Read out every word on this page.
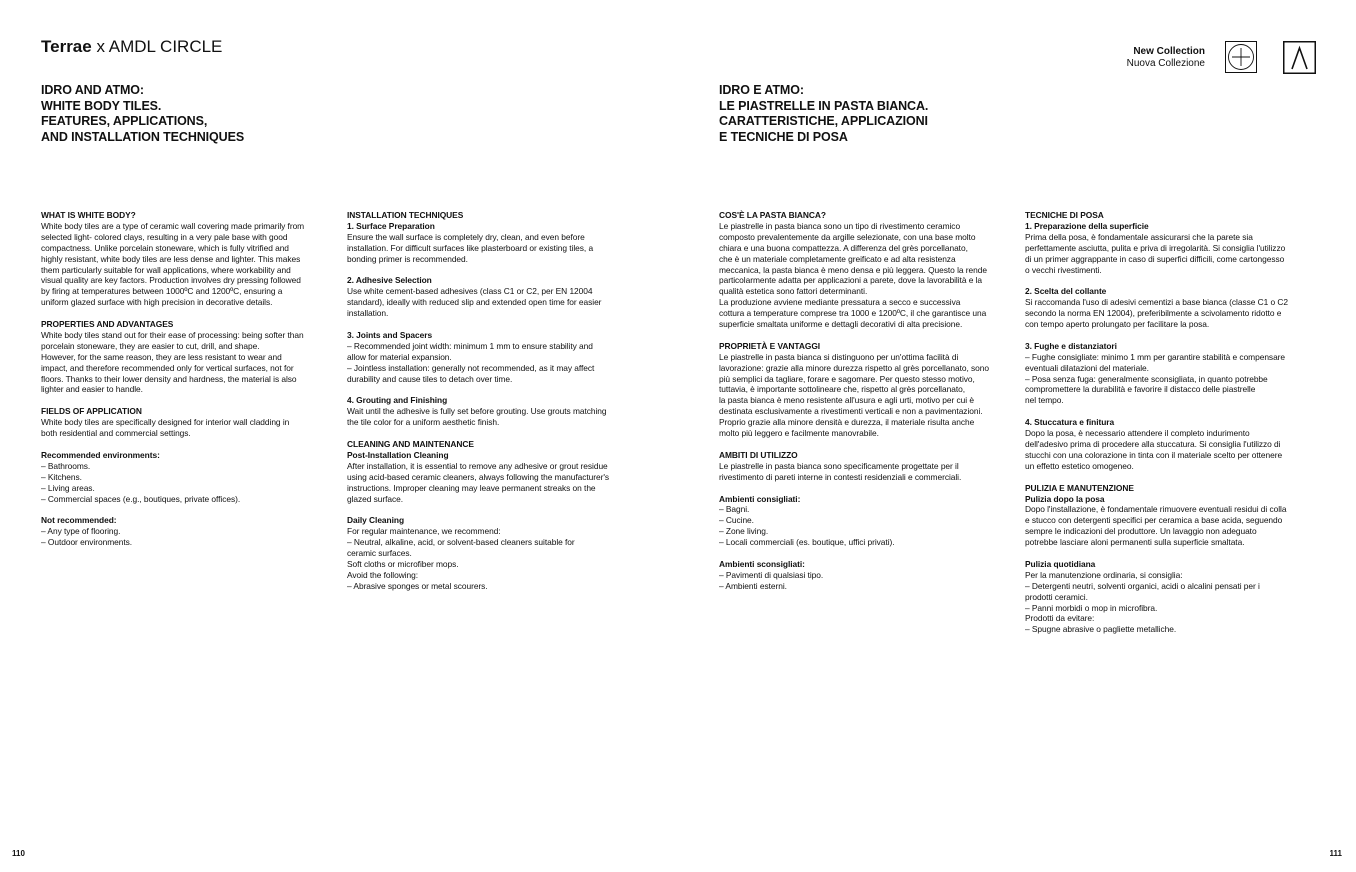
Terrae x AMDL CIRCLE
IDRO AND ATMO:
WHITE BODY TILES.
FEATURES, APPLICATIONS,
AND INSTALLATION TECHNIQUES
IDRO E ATMO:
LE PIASTRELLE IN PASTA BIANCA.
CARATTERISTICHE, APPLICAZIONI
E TECNICHE DI POSA
New Collection
Nuova Collezione
WHAT IS WHITE BODY?

White body tiles are a type of ceramic wall covering made primarily from

selected light- colored clays, resulting in a very pale base with good

compactness. Unlike porcelain stoneware, which is fully vitrified and

highly resistant, white body tiles are less dense and lighter. This makes

them particularly suitable for wall applications, where workability and

visual quality are key factors. Production involves dry pressing followed

by firing at temperatures between 1000ºC and 1200ºC, ensuring a

uniform glazed surface with high precision in decorative details.

PROPERTIES AND ADVANTAGES

White body tiles stand out for their ease of processing: being softer than

porcelain stoneware, they are easier to cut, drill, and shape.

However, for the same reason, they are less resistant to wear and

impact, and therefore recommended only for vertical surfaces, not for

floors. Thanks to their lower density and hardness, the material is also

lighter and easier to handle.

FIELDS OF APPLICATION

White body tiles are specifically designed for interior wall cladding in

both residential and commercial settings.

Recommended environments:

– Bathrooms.

– Kitchens.

– Living areas.

– Commercial spaces (e.g., boutiques, private offices).

Not recommended:

– Any type of flooring.

– Outdoor environments.

INSTALLATION TECHNIQUES
1. Surface Preparation

Ensure the wall surface is completely dry, clean, and even before

installation. For difficult surfaces like plasterboard or existing tiles, a

bonding primer is recommended.

2. Adhesive Selection

Use white cement-based adhesives (class C1 or C2, per EN 12004

standard), ideally with reduced slip and extended open time for easier

installation.

3. Joints and Spacers

– Recommended joint width: minimum 1 mm to ensure stability and

allow for material expansion.

– Jointless installation: generally not recommended, as it may affect

durability and cause tiles to detach over time.

4. Grouting and Finishing

Wait until the adhesive is fully set before grouting. Use grouts matching

the tile color for a uniform aesthetic finish.

CLEANING AND MAINTENANCE
Post-Installation Cleaning

After installation, it is essential to remove any adhesive or grout residue

using acid-based ceramic cleaners, always following the manufacturer's

instructions. Improper cleaning may leave permanent streaks on the

glazed surface.

Daily Cleaning

For regular maintenance, we recommend:

– Neutral, alkaline, acid, or solvent-based cleaners suitable for

ceramic surfaces.

Soft cloths or microfiber mops.

Avoid the following:

– Abrasive sponges or metal scourers.

COS'È LA PASTA BIANCA?

Le piastrelle in pasta bianca sono un tipo di rivestimento ceramico

composto prevalentemente da argille selezionate, con una base molto

chiara e una buona compattezza. A differenza del grès porcellanato,

che è un materiale completamente greificato e ad alta resistenza

meccanica, la pasta bianca è meno densa e più leggera. Questo la rende

particolarmente adatta per applicazioni a parete, dove la lavorabilità e la

qualità estetica sono fattori determinanti.

La produzione avviene mediante pressatura a secco e successiva

cottura a temperature comprese tra 1000 e 1200ºC, il che garantisce una

superficie smaltata uniforme e dettagli decorativi di alta precisione.

PROPRIETÀ E VANTAGGI

Le piastrelle in pasta bianca si distinguono per un'ottima facilità di

lavorazione: grazie alla minore durezza rispetto al grès porcellanato, sono

più semplici da tagliare, forare e sagomare. Per questo stesso motivo,

tuttavia, è importante sottolineare che, rispetto al grès porcellanato,

la pasta bianca è meno resistente all'usura e agli urti, motivo per cui è

destinata esclusivamente a rivestimenti verticali e non a pavimentazioni.

Proprio grazie alla minore densità e durezza, il materiale risulta anche

molto più leggero e facilmente manovrabile.

AMBITI DI UTILIZZO

Le piastrelle in pasta bianca sono specificamente progettate per il

rivestimento di pareti interne in contesti residenziali e commerciali.

Ambienti consigliati:

– Bagni.

– Cucine.

– Zone living.

– Locali commerciali (es. boutique, uffici privati).

Ambienti sconsigliati:

– Pavimenti di qualsiasi tipo.

– Ambienti esterni.

TECNICHE DI POSA
1. Preparazione della superficie

Prima della posa, è fondamentale assicurarsi che la parete sia

perfettamente asciutta, pulita e priva di irregolarità. Si consiglia l'utilizzo

di un primer aggrappante in caso di superfici difficili, come cartongesso

o vecchi rivestimenti.

2. Scelta del collante

Si raccomanda l'uso di adesivi cementizi a base bianca (classe C1 o C2

secondo la norma EN 12004), preferibilmente a scivolamento ridotto e

con tempo aperto prolungato per facilitare la posa.

3. Fughe e distanziatori

– Fughe consigliate: minimo 1 mm per garantire stabilità e compensare

eventuali dilatazioni del materiale.

– Posa senza fuga: generalmente sconsigliata, in quanto potrebbe

compromettere la durabilità e favorire il distacco delle piastrelle

nel tempo.

4. Stuccatura e finitura

Dopo la posa, è necessario attendere il completo indurimento

dell'adesivo prima di procedere alla stuccatura. Si consiglia l'utilizzo di

stucchi con una colorazione in tinta con il materiale scelto per ottenere

un effetto estetico omogeneo.

PULIZIA E MANUTENZIONE
Pulizia dopo la posa

Dopo l'installazione, è fondamentale rimuovere eventuali residui di colla

e stucco con detergenti specifici per ceramica a base acida, seguendo

sempre le indicazioni del produttore. Un lavaggio non adeguato

potrebbe lasciare aloni permanenti sulla superficie smaltata.

Pulizia quotidiana

Per la manutenzione ordinaria, si consiglia:

– Detergenti neutri, solventi organici, acidi o alcalini pensati per i

prodotti ceramici.

– Panni morbidi o mop in microfibra.

Prodotti da evitare:

– Spugne abrasive o pagliette metalliche.

110	111
